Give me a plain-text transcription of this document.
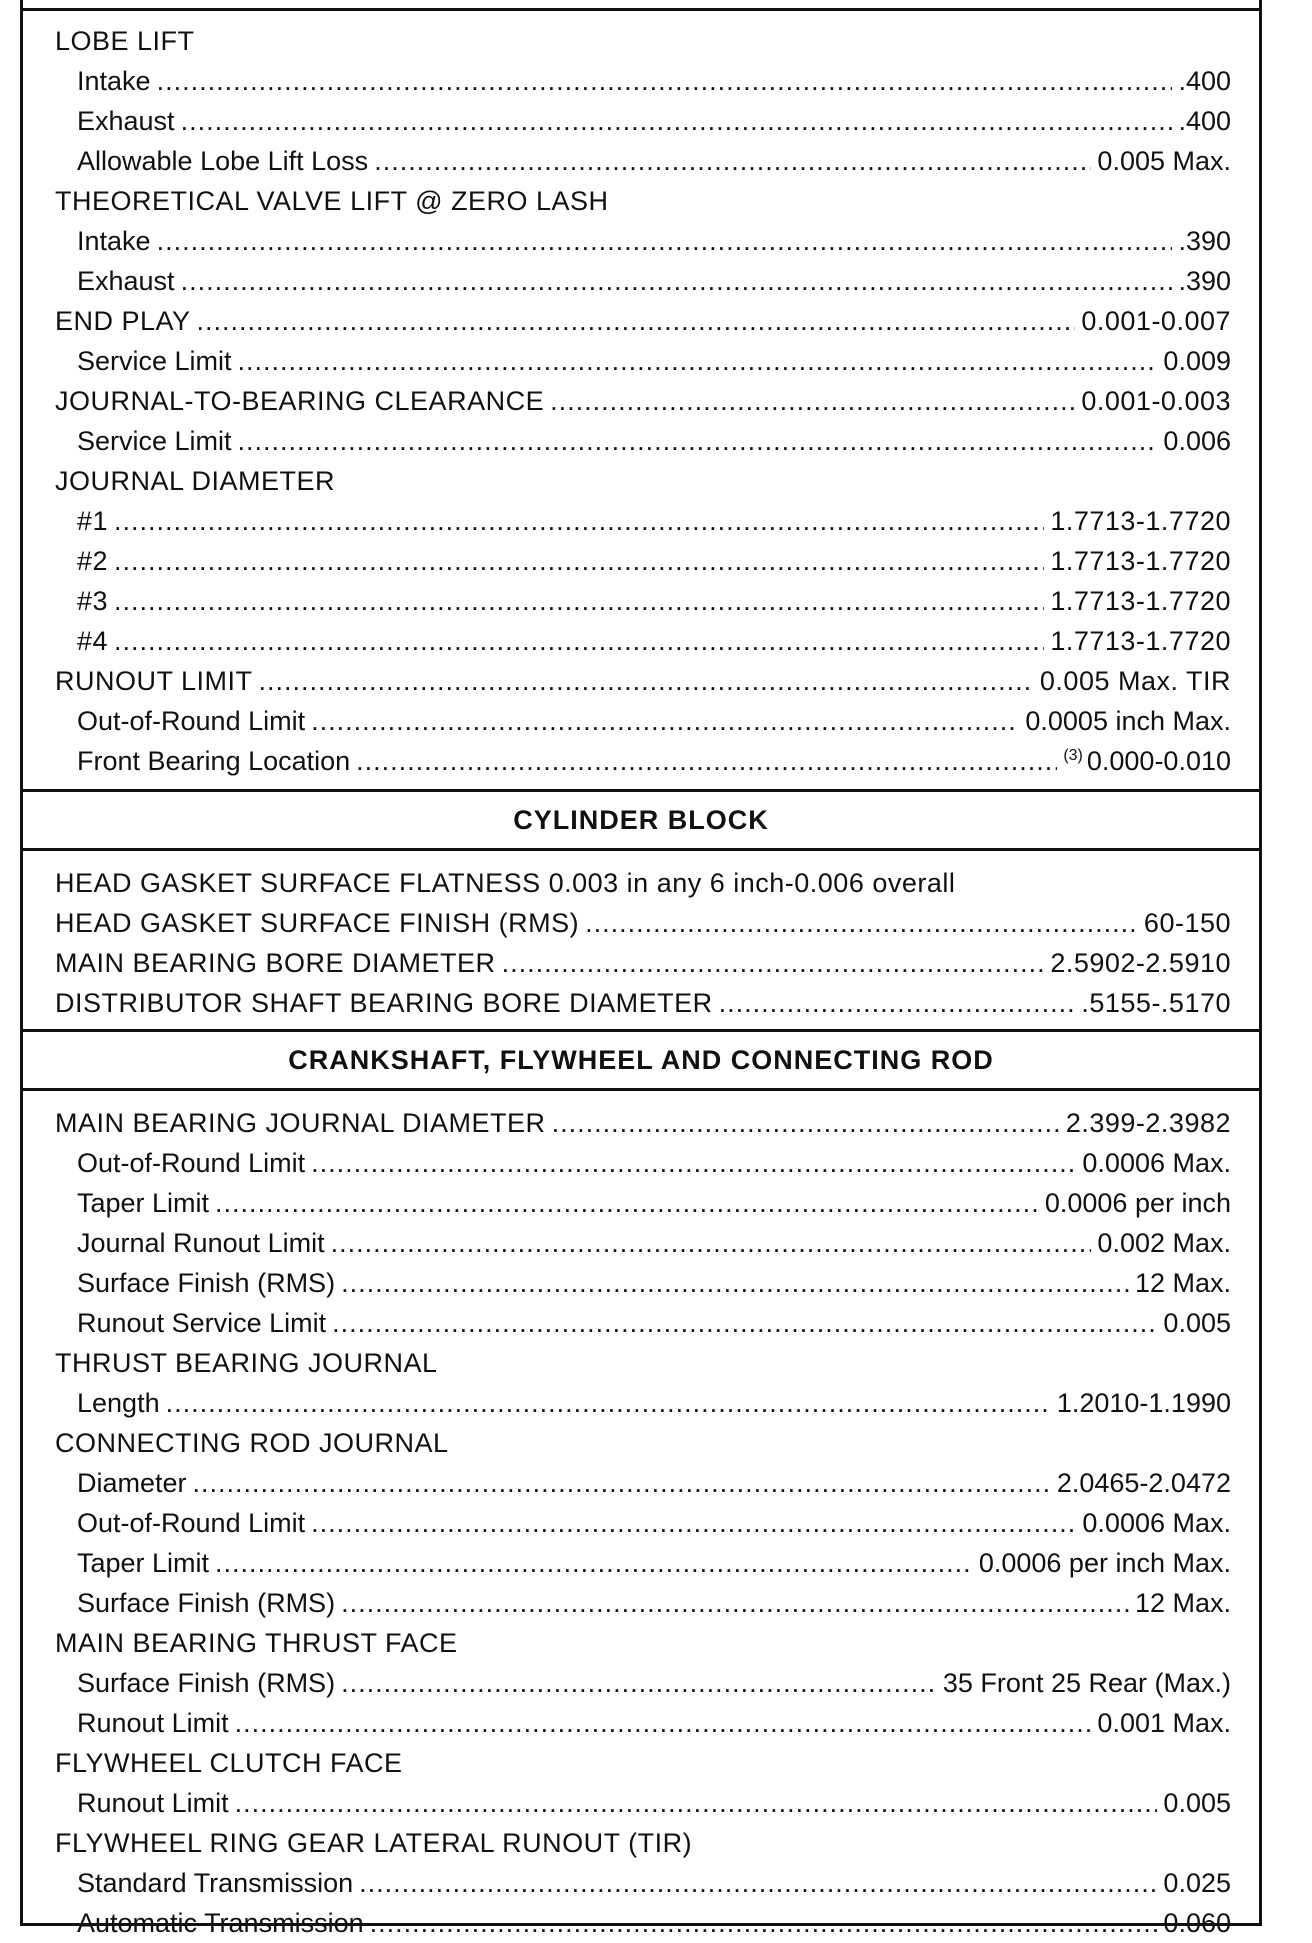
LOBE LIFT
Intake .....	.400
Exhaust .....	.400
Allowable Lobe Lift Loss .....	0.005 Max.
THEORETICAL VALVE LIFT @ ZERO LASH
Intake .....	.390
Exhaust .....	.390
END PLAY .....	0.001-0.007
Service Limit .....	0.009
JOURNAL-TO-BEARING CLEARANCE .....	0.001-0.003
Service Limit .....	0.006
JOURNAL DIAMETER
#1 .....	1.7713-1.7720
#2 .....	1.7713-1.7720
#3 .....	1.7713-1.7720
#4 .....	1.7713-1.7720
RUNOUT LIMIT .....	0.005 Max. TIR
Out-of-Round Limit .....	0.0005 inch Max.
Front Bearing Location .....	$^{(3)}$ 0.000-0.010
CYLINDER BLOCK
HEAD GASKET SURFACE FLATNESS 0.003 in any 6 inch-0.006 overall
HEAD GASKET SURFACE FINISH (RMS) .....	60-150
MAIN BEARING BORE DIAMETER .....	2.5902-2.5910
DISTRIBUTOR SHAFT BEARING BORE DIAMETER .....	.5155-.5170
CRANKSHAFT, FLYWHEEL AND CONNECTING ROD
MAIN BEARING JOURNAL DIAMETER .....	2.399-2.3982
Out-of-Round Limit .....	0.0006 Max.
Taper Limit .....	0.0006 per inch
Journal Runout Limit .....	0.002 Max.
Surface Finish (RMS) .....	12 Max.
Runout Service Limit .....	0.005
THRUST BEARING JOURNAL
Length .....	1.2010-1.1990
CONNECTING ROD JOURNAL
Diameter .....	2.0465-2.0472
Out-of-Round Limit .....	0.0006 Max.
Taper Limit .....	0.0006 per inch Max.
Surface Finish (RMS) .....	12 Max.
MAIN BEARING THRUST FACE
Surface Finish (RMS) .....	35 Front 25 Rear (Max.)
Runout Limit .....	0.001 Max.
FLYWHEEL CLUTCH FACE
Runout Limit .....	0.005
FLYWHEEL RING GEAR LATERAL RUNOUT (TIR)
Standard Transmission .....	0.025
Automatic Transmission .....	0.060
